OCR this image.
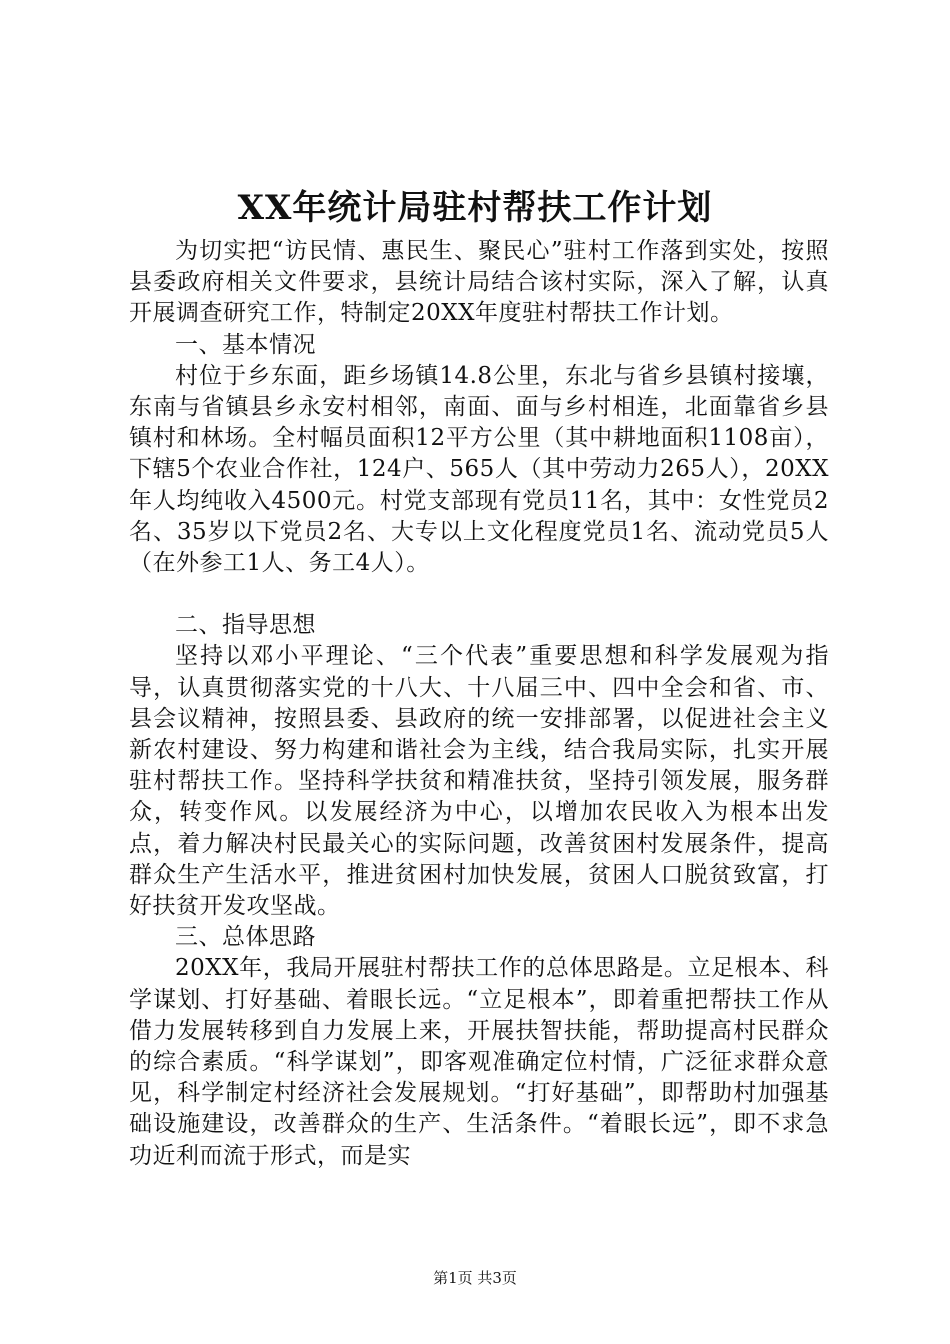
XX年统计局驻村帮扶工作计划

为切实把“访民情、惠民生、聚民心”驻村工作落到实处，按照县委政府相关文件要求，县统计局结合该村实际，深入了解，认真开展调查研究工作，特制定20XX年度驻村帮扶工作计划。

一、基本情况

村位于乡东面，距乡场镇14.8公里，东北与省乡县镇村接壤，东南与省镇县乡永安村相邻，南面、面与乡村相连，北面靠省乡县镇村和林场。全村幅员面积12平方公里（其中耕地面积1108亩），下辖5个农业合作社，124户、565人（其中劳动力265人），20XX年人均纯收入4500元。村党支部现有党员11名，其中：女性党员2名、35岁以下党员2名、大专以上文化程度党员1名、流动党员5人（在外参工1人、务工4人）。

二、指导思想

坚持以邓小平理论、“三个代表”重要思想和科学发展观为指导，认真贯彻落实党的十八大、十八届三中、四中全会和省、市、县会议精神，按照县委、县政府的统一安排部署，以促进社会主义新农村建设、努力构建和谐社会为主线，结合我局实际，扎实开展驻村帮扶工作。坚持科学扶贫和精准扶贫，坚持引领发展，服务群众，转变作风。以发展经济为中心，以增加农民收入为根本出发点，着力解决村民最关心的实际问题，改善贫困村发展条件，提高群众生产生活水平，推进贫困村加快发展，贫困人口脱贫致富，打好扶贫开发攻坚战。

三、总体思路

20XX年，我局开展驻村帮扶工作的总体思路是。立足根本、科学谋划、打好基础、着眼长远。“立足根本”，即着重把帮扶工作从借力发展转移到自力发展上来，开展扶智扶能，帮助提高村民群众的综合素质。“科学谋划”，即客观准确定位村情，广泛征求群众意见，科学制定村经济社会发展规划。“打好基础”，即帮助村加强基础设施建设，改善群众的生产、生活条件。“着眼长远”，即不求急功近利而流于形式，而是实

第1页 共3页
